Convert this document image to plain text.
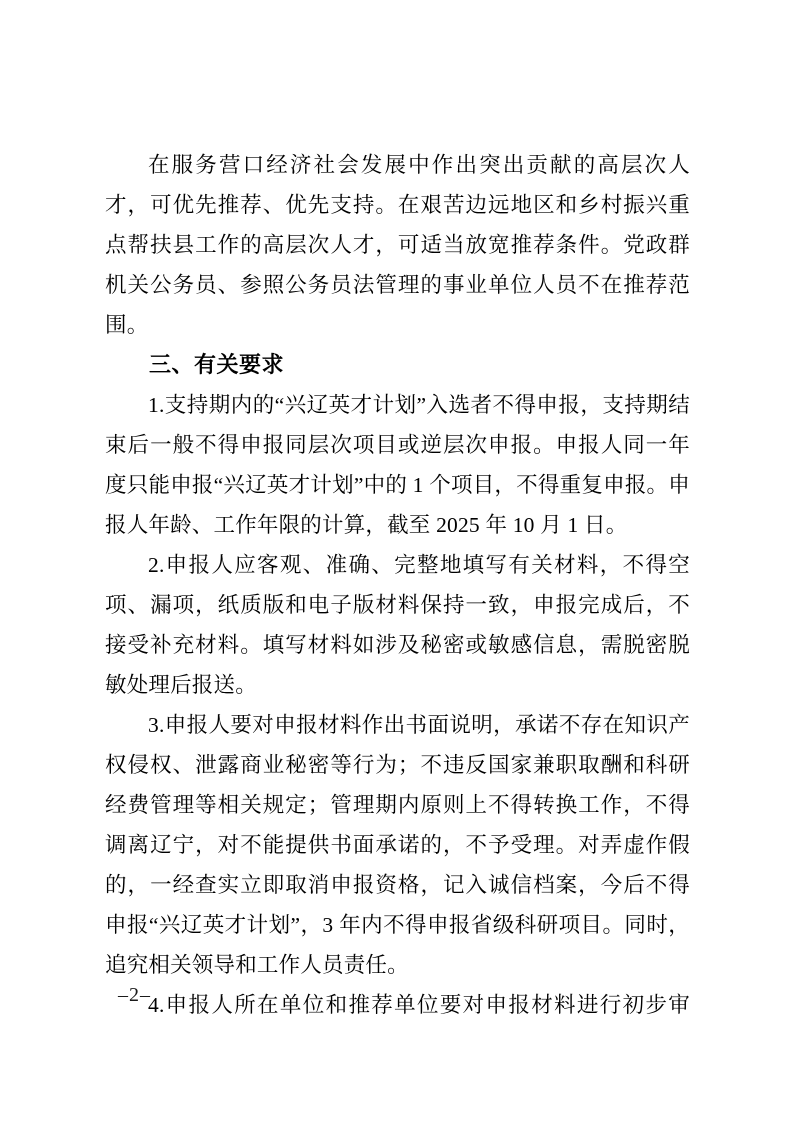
在服务营口经济社会发展中作出突出贡献的高层次人才，可优先推荐、优先支持。在艰苦边远地区和乡村振兴重点帮扶县工作的高层次人才，可适当放宽推荐条件。党政群机关公务员、参照公务员法管理的事业单位人员不在推荐范围。

三、有关要求

1.支持期内的“兴辽英才计划”入选者不得申报，支持期结束后一般不得申报同层次项目或逆层次申报。申报人同一年度只能申报“兴辽英才计划”中的 1 个项目，不得重复申报。申报人年龄、工作年限的计算，截至 2025 年 10 月 1 日。

2.申报人应客观、准确、完整地填写有关材料，不得空项、漏项，纸质版和电子版材料保持一致，申报完成后，不接受补充材料。填写材料如涉及秘密或敏感信息，需脱密脱敏处理后报送。

3.申报人要对申报材料作出书面说明，承诺不存在知识产权侵权、泄露商业秘密等行为；不违反国家兼职取酬和科研经费管理等相关规定；管理期内原则上不得转换工作，不得调离辽宁，对不能提供书面承诺的，不予受理。对弄虚作假的，一经查实立即取消申报资格，记入诚信档案，今后不得申报“兴辽英才计划”，3 年内不得申报省级科研项目。同时，追究相关领导和工作人员责任。

4.申报人所在单位和推荐单位要对申报材料进行初步审

–2–
